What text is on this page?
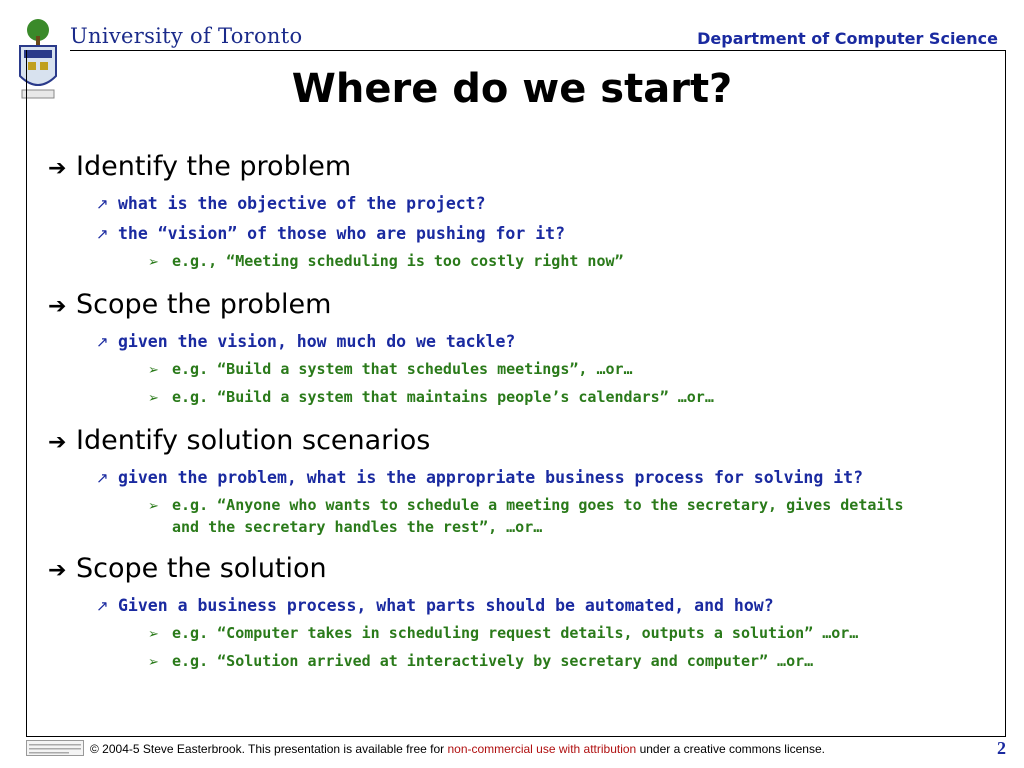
University of Toronto	Department of Computer Science
Where do we start?
➔ Identify the problem
↗ what is the objective of the project?
↗ the “vision” of those who are pushing for it?
➢ e.g., “Meeting scheduling is too costly right now”
➔ Scope the problem
↗ given the vision, how much do we tackle?
➢ e.g. “Build a system that schedules meetings”, …or…
➢ e.g. “Build a system that maintains people’s calendars” …or…
➔ Identify solution scenarios
↗ given the problem, what is the appropriate business process for solving it?
➢ e.g. “Anyone who wants to schedule a meeting goes to the secretary, gives details and the secretary handles the rest”, …or…
➔ Scope the solution
↗ Given a business process, what parts should be automated, and how?
➢ e.g. “Computer takes in scheduling request details, outputs a solution” …or…
➢ e.g. “Solution arrived at interactively by secretary and computer” …or…
© 2004-5 Steve Easterbrook. This presentation is available free for non-commercial use with attribution under a creative commons license.	2
